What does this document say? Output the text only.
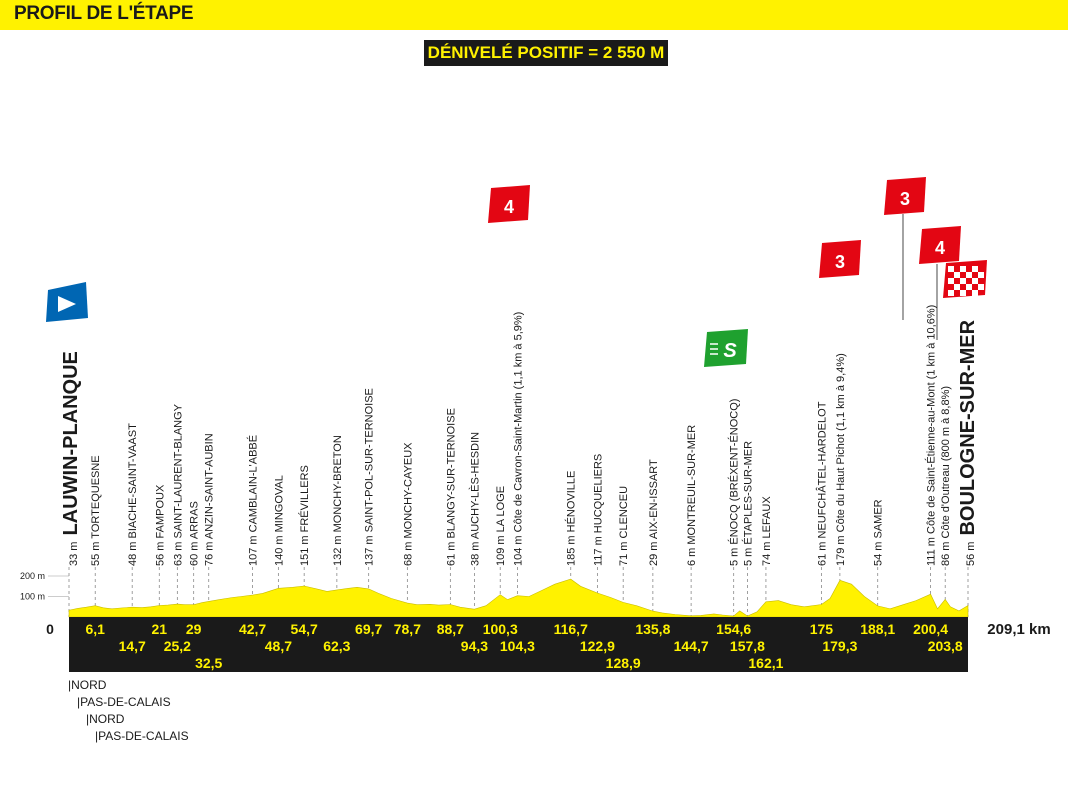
PROFIL DE L'ÉTAPE
DÉNIVELÉ POSITIF = 2 550 M
100 m
200 m
0	209,1 km
6,1
14,7
21
25,2
29
32,5
42,7
48,7
54,7
62,3
69,7 78,7 88,7
94,3
100,3
104,3
116,7
122,9
128,9
135,8
144,7
154,6
157,8
162,1
175
179,3
188,1 200,4
203,8
55 m TORTEQUESNE 48 m BIACHE-SAINT-VAAST 56 m FAMPOUX 63 m SAINT-LAURENT-BLANGY 60 m ARRAS 76 m ANZIN-SAINT-AUBIN	107 m CAMBLAIN-L'ABBÉ 140 m MINGOVAL 151 m FRÉVILLERS 132 m MONCHY-BRETON 137 m SAINT-POL-SUR-TERNOISE 68 m MONCHY-CAYEUX	61 m BLANGY-SUR-TERNOISE 38 m AUCHY-LÈS-HESDIN 109 m LA LOGE 104 m Côte de Cavron-Saint-Martin (1,1 km à 5,9%)	185 m HÉNOVILLE 117 m HUCQUELIERS 71 m CLENCEU 29 m AIX-EN-ISSART 6 m MONTREUIL-SUR-MER	5 m ÉNOCQ (BRÉXENT-ÉNOCQ) 5 m ÉTAPLES-SUR-MER 74 m LEFAUX	61 m NEUFCHÂTEL-HARDELOT 179 m Côte du Haut Pichot (1,1 km à 9,4%) 54 m SAMER	111 m Côte de Saint-Étienne-au-Mont (1 km à 10,6%) 86 m Côte d'Outreau (800 m à 8,8%)
33 mLAUWIN-PLANQUE
56 mBOULOGNE-SUR-MER
4
3
3
4
S
|NORD
|PAS-DE-CALAIS
|NORD
|PAS-DE-CALAIS
